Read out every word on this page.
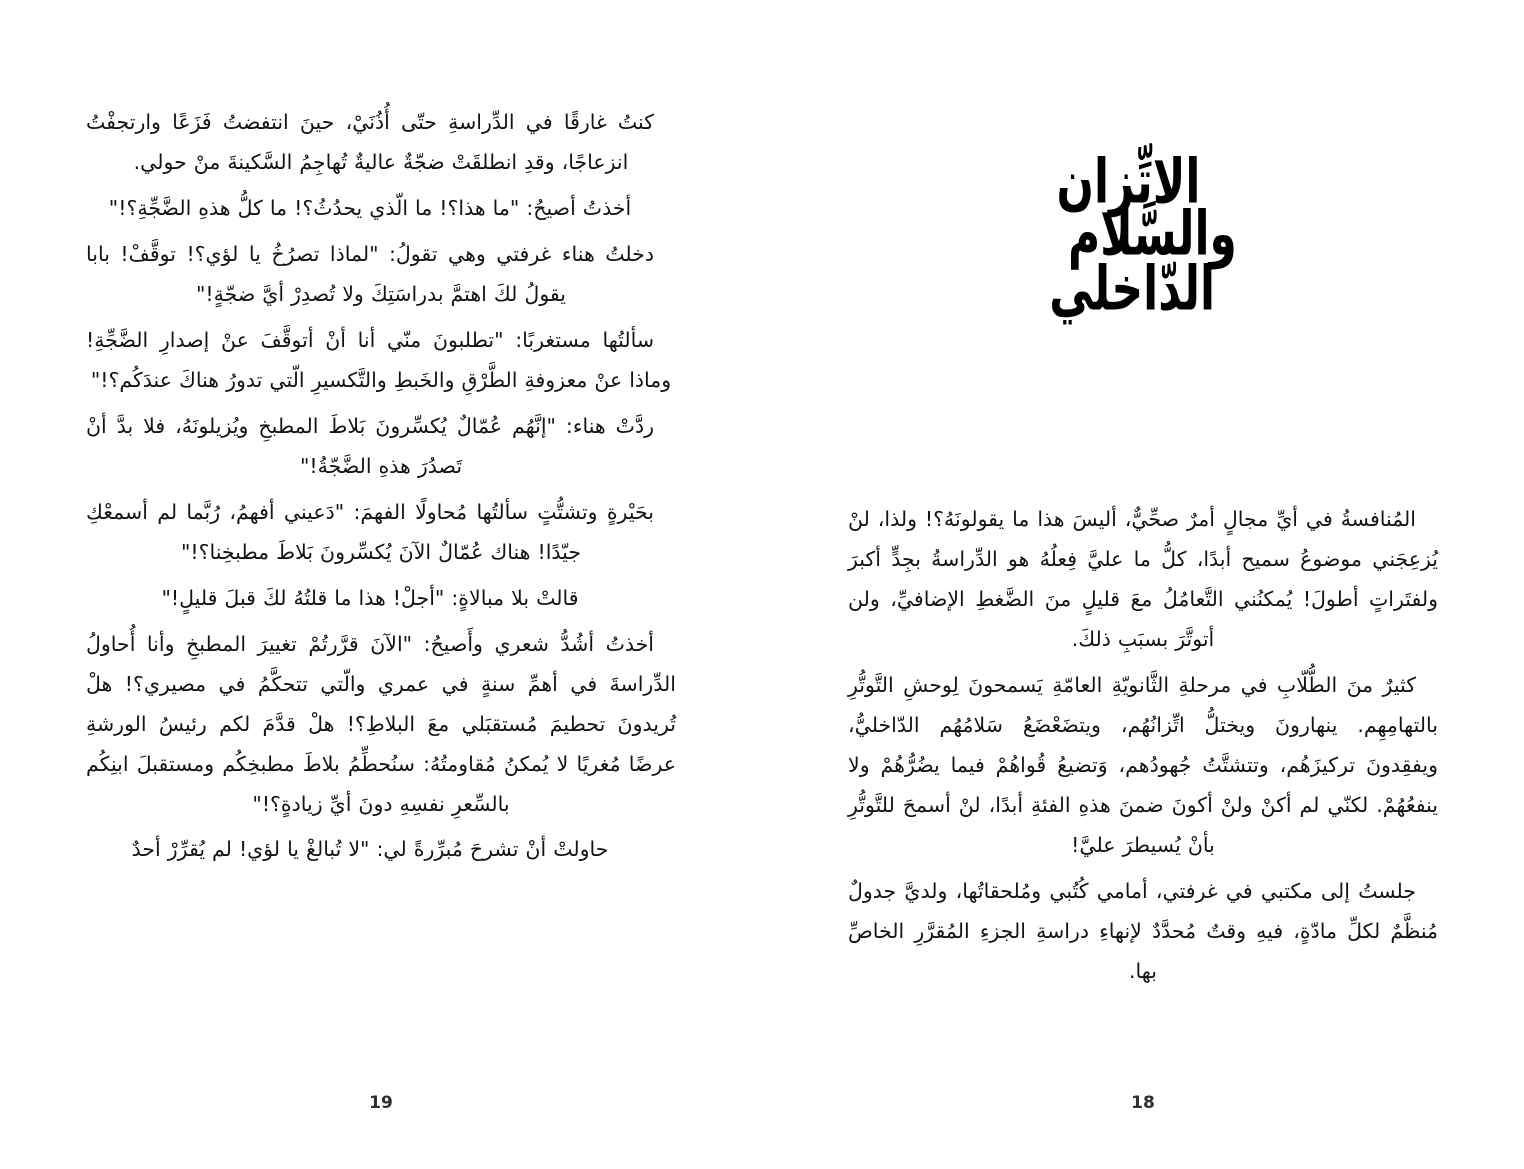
الاتِّزان
والسَّلام
الدّاخلي

المُنافسةُ في أيِّ مجالٍ أمرٌ صحِّيٌّ، أليسَ هذا ما يقولونَهُ؟! ولذا، لنْ يُزعِجَني موضوعُ سميح أبدًا، كلُّ ما عليَّ فِعلُهُ هو الدِّراسةُ بجِدٍّ أكبرَ ولفتَراتٍ أطولَ! يُمكنُني التَّعامُلُ معَ قليلٍ منَ الضَّغطِ الإضافيِّ، ولن أتوتَّرَ بسبَبِ ذلكَ.

كثيرٌ منَ الطُّلّابِ في مرحلةِ الثَّانويّةِ العامّةِ يَسمحونَ لِوحشِ التَّوتُّرِ بالتهامِهِم. ينهارونَ ويختلُّ اتِّزانُهُم، ويتضَعْضَعُ سَلامُهُم الدّاخليُّ، ويفقِدونَ تركيزَهُم، وتتشتَّتُ جُهودُهم، وَتضيعُ قُواهُمْ فيما يضُرُّهُمْ ولا ينفعُهُمْ. لكنّي لم أكنْ ولنْ أكونَ ضمنَ هذهِ الفئةِ أبدًا، لنْ أسمحَ للتَّوتُّرِ بأنْ يُسيطرَ عليَّ!

جلستُ إلى مكتبي في غرفتي، أمامي كُتُبي ومُلحقاتُها، ولديَّ جدولٌ مُنظَّمٌ لكلِّ مادّةٍ، فيهِ وقتٌ مُحدَّدٌ لإنهاءِ دراسةِ الجزءِ المُقرَّرِ الخاصِّ بها.

18

كنتُ غارقًا في الدِّراسةِ حتّى أُذُنَيْ، حينَ انتفضتُ فَزَعًا وارتجفْتُ انزعاجًا، وقدِ انطلقَتْ ضجّةٌ عاليةٌ تُهاجِمُ السَّكينةَ منْ حولي.

أخذتُ أصيحُ: "ما هذا؟! ما الّذي يحدُثُ؟! ما كلُّ هذهِ الضَّجِّةِ؟!"

دخلتُ هناء غرفتي وهي تقولُ: "لماذا تصرُخُ يا لؤي؟! توقَّفْ! بابا يقولُ لكَ اهتمَّ بدراسَتِكَ ولا تُصدِرْ أيَّ ضجّةٍ!"

سألتُها مستغربًا: "تطلبونَ منّي أنا أنْ أتوقَّفَ عنْ إصدارِ الضَّجِّةِ! وماذا عنْ معزوفةِ الطَّرْقِ والخَبطِ والتَّكسيرِ الّتي تدورُ هناكَ عندَكُم؟!"

ردَّتْ هناء: "إنَّهُم عُمّالٌ يُكسِّرونَ بَلاطَ المطبخِ ويُزيلونَهُ، فلا بدَّ أنْ تَصدُرَ هذهِ الضَّجّةُ!"

بحَيْرةٍ وتشتُّتٍ سألتُها مُحاولًا الفهمَ: "دَعيني أفهمُ، رُبَّما لم أسمعْكِ جيّدًا! هناك عُمّالٌ الآنَ يُكسِّرونَ بَلاطَ مطبخِنا؟!"

قالتْ بلا مبالاةٍ: "أجلْ! هذا ما قلتُهُ لكَ قبلَ قليلٍ!"

أخذتُ أشُدُّ شعري وأَصيحُ: "الآنَ قرَّرتُمْ تغييرَ المطبخِ وأنا أُحاولُ الدِّراسةَ في أهمِّ سنةٍ في عمري والّتي تتحكَّمُ في مصيري؟! هلْ تُريدونَ تحطيمَ مُستقبَلي معَ البلاطِ؟! هلْ قدَّمَ لكم رئيسُ الورشةِ عرضًا مُغريًا لا يُمكنُ مُقاومتُهُ: سنُحطِّمُ بلاطَ مطبخِكُم ومستقبلَ ابنِكُم بالسِّعرِ نفسِهِ دونَ أيِّ زيادةٍ؟!"

حاولتْ أنْ تشرحَ مُبرِّرةً لي: "لا تُبالغْ يا لؤي! لم يُقرِّرْ أحدٌ

19
